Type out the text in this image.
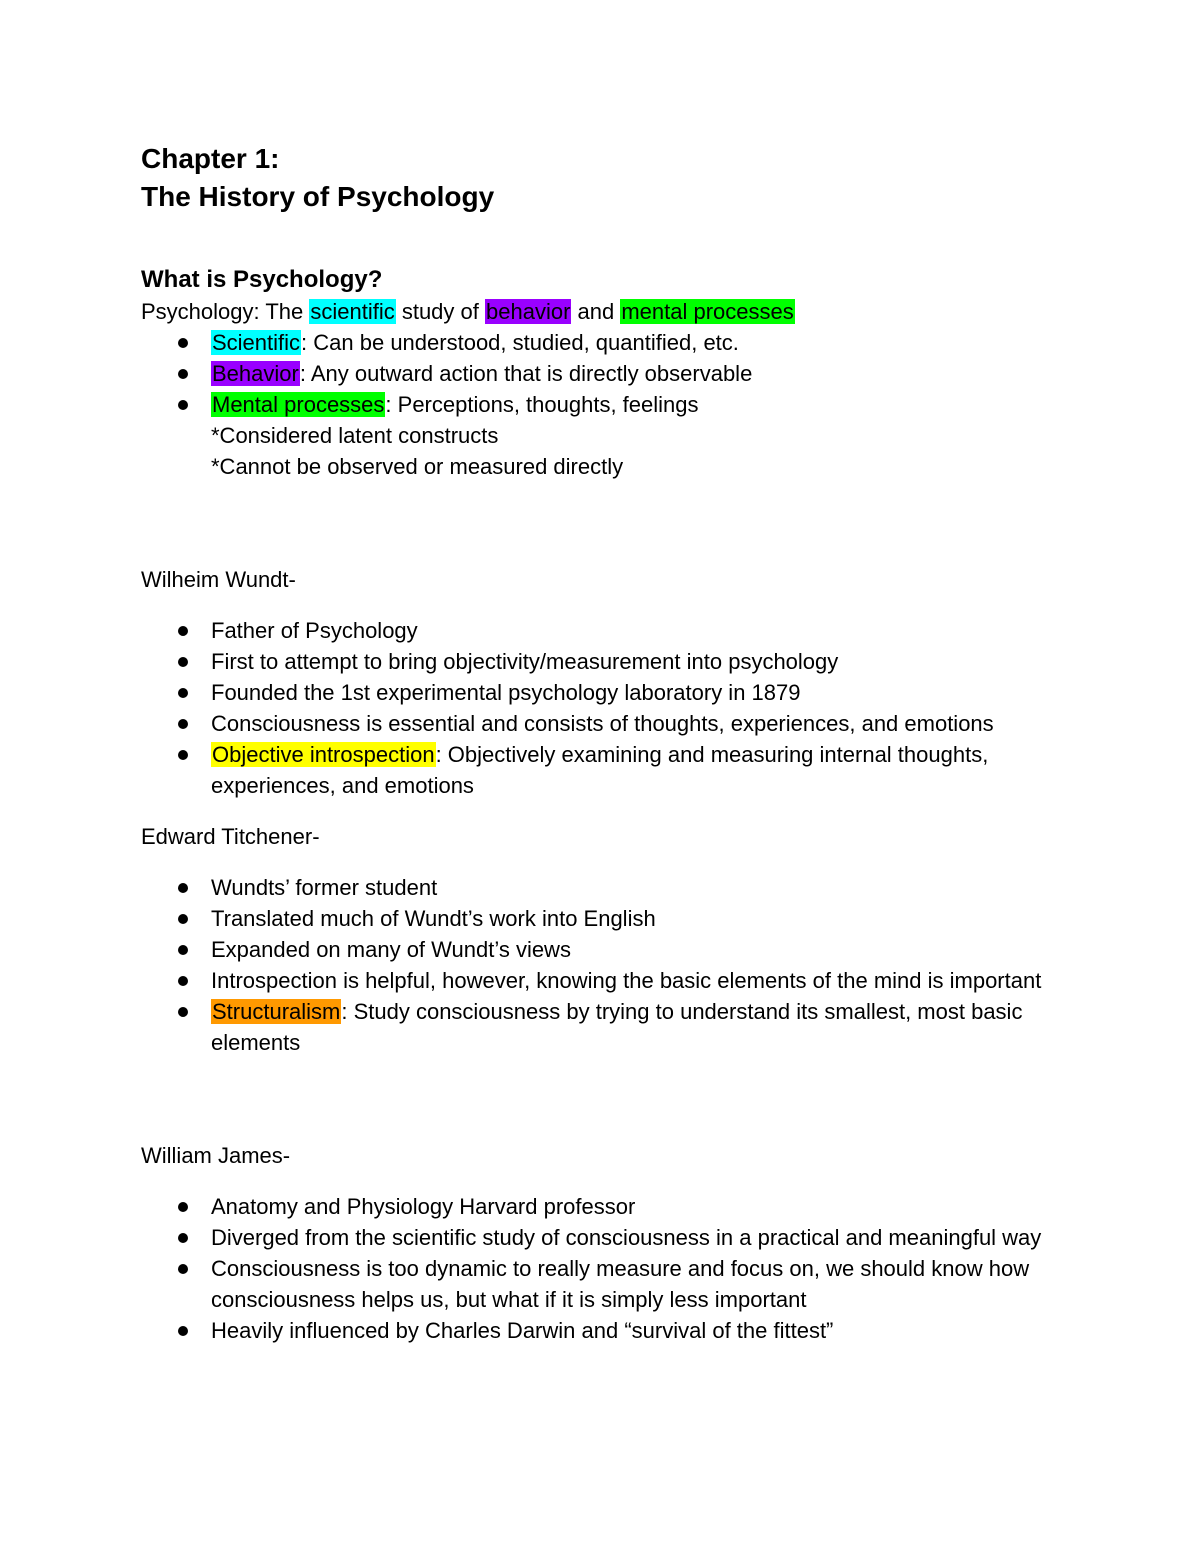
Chapter 1:

The History of Psychology

What is Psychology?

Psychology: The scientific study of behavior and mental processes

Scientific: Can be understood, studied, quantified, etc.
Behavior: Any outward action that is directly observable
Mental processes: Perceptions, thoughts, feelings

*Considered latent constructs

*Cannot be observed or measured directly

Wilheim Wundt-

Father of Psychology
First to attempt to bring objectivity/measurement into psychology
Founded the 1st experimental psychology laboratory in 1879
Consciousness is essential and consists of thoughts, experiences, and emotions
Objective introspection: Objectively examining and measuring internal thoughts, experiences, and emotions

Edward Titchener-

Wundts’ former student
Translated much of Wundt’s work into English
Expanded on many of Wundt’s views
Introspection is helpful, however, knowing the basic elements of the mind is important
Structuralism: Study consciousness by trying to understand its smallest, most basic elements

William James-

Anatomy and Physiology Harvard professor
Diverged from the scientific study of consciousness in a practical and meaningful way
Consciousness is too dynamic to really measure and focus on, we should know how consciousness helps us, but what if it is simply less important
Heavily influenced by Charles Darwin and “survival of the fittest”
